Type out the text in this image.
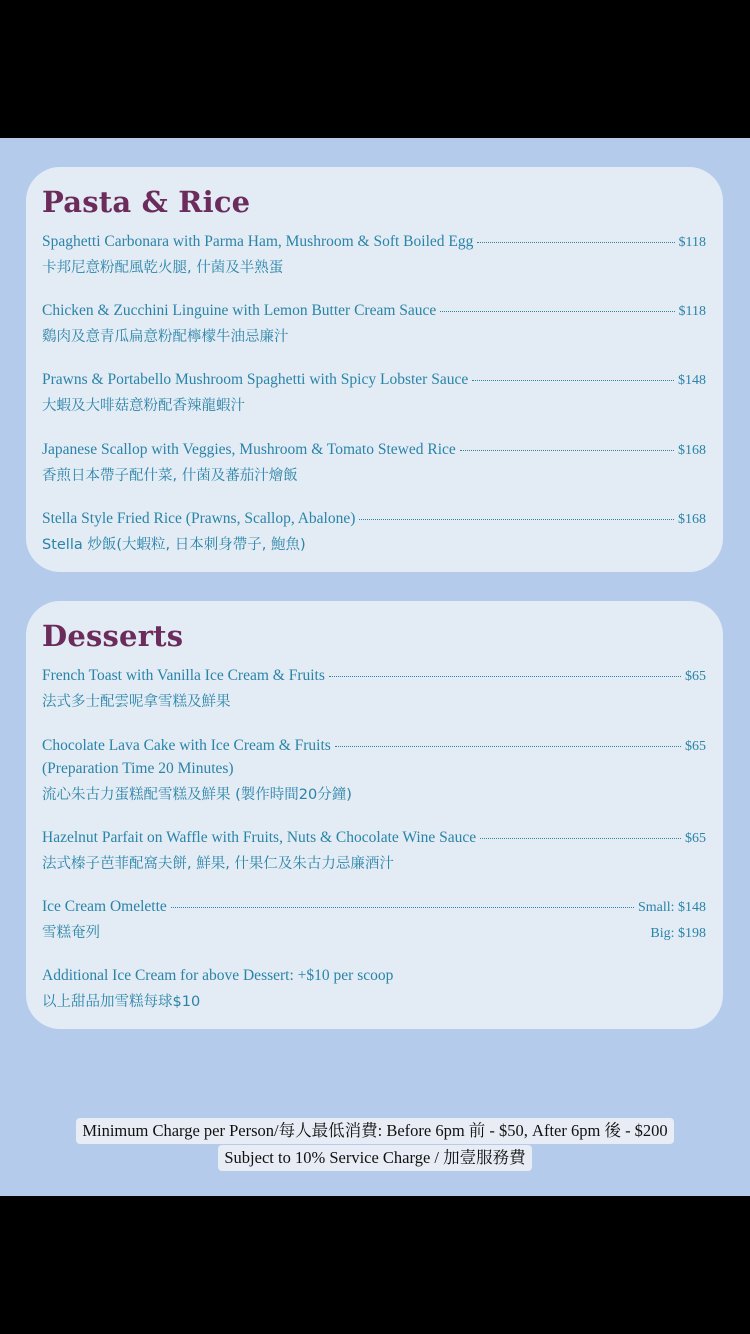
Pasta & Rice
Spaghetti Carbonara with Parma Ham, Mushroom & Soft Boiled Egg	$118
卡邦尼意粉配風乾火腿, 什菌及半熟蛋
Chicken & Zucchini Linguine with Lemon Butter Cream Sauce	$118
鷄肉及意青瓜扁意粉配檸檬牛油忌廉汁
Prawns & Portabello Mushroom Spaghetti with Spicy Lobster Sauce	$148
大蝦及大啡菇意粉配香辣龍蝦汁
Japanese Scallop with Veggies, Mushroom & Tomato Stewed Rice	$168
香煎日本帶子配什菜, 什菌及蕃茄汁燴飯
Stella Style Fried Rice (Prawns, Scallop, Abalone)	$168
Stella 炒飯(大蝦粒, 日本刺身帶子, 鮑魚)
Desserts
French Toast with Vanilla Ice Cream & Fruits	$65
法式多士配雲呢拿雪糕及鮮果
Chocolate Lava Cake with Ice Cream & Fruits	$65
(Preparation Time 20 Minutes)
流心朱古力蛋糕配雪糕及鮮果 (製作時間20分鐘)
Hazelnut Parfait on Waffle with Fruits, Nuts & Chocolate Wine Sauce	$65
法式榛子芭菲配窩夫餅, 鮮果, 什果仁及朱古力忌廉酒汁
Ice Cream Omelette	Small: $148
雪糕奄列	Big: $198
Additional Ice Cream for above Dessert: +$10 per scoop
以上甜品加雪糕每球$10
Minimum Charge per Person/每人最低消費: Before 6pm 前 - $50, After 6pm 後 - $200
Subject to 10% Service Charge / 加壹服務費
